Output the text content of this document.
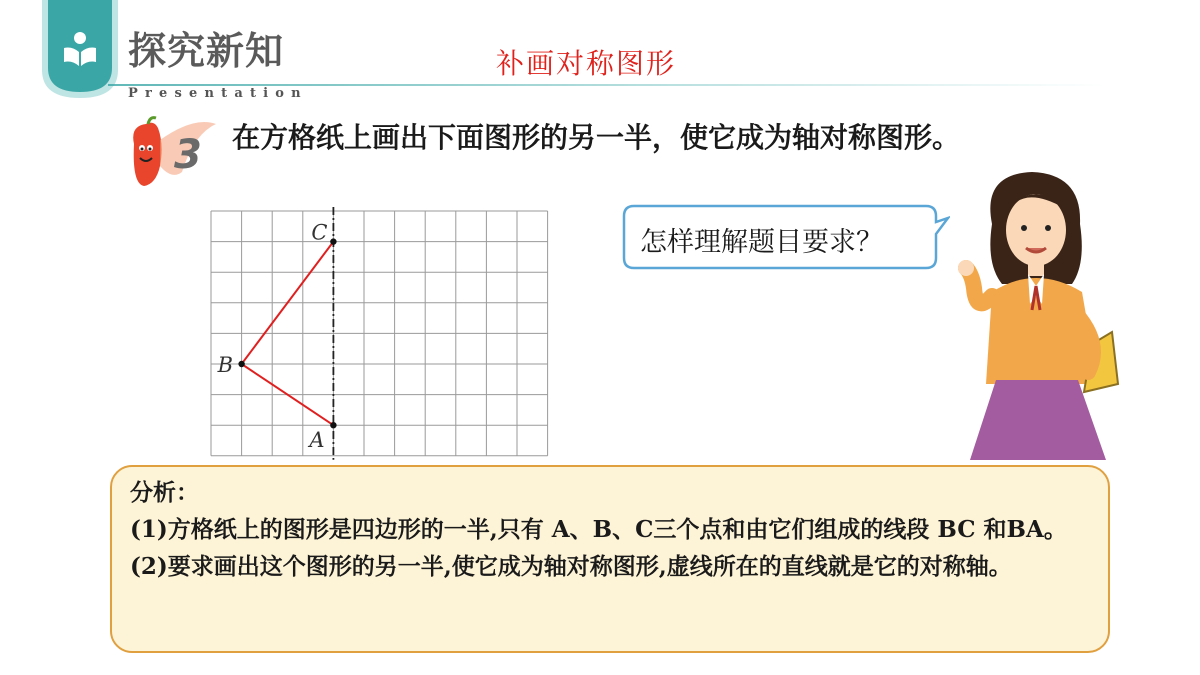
探究新知
Presentation
补画对称图形
3 在方格纸上画出下面图形的另一半，使它成为轴对称图形。
C
B
A
怎样理解题目要求？

分析：

(1)方格纸上的图形是四边形的一半,只有 A、B、C三个点和由它们组成的线段 BC 和BA。

(2)要求画出这个图形的另一半,使它成为轴对称图形,虚线所在的直线就是它的对称轴。
